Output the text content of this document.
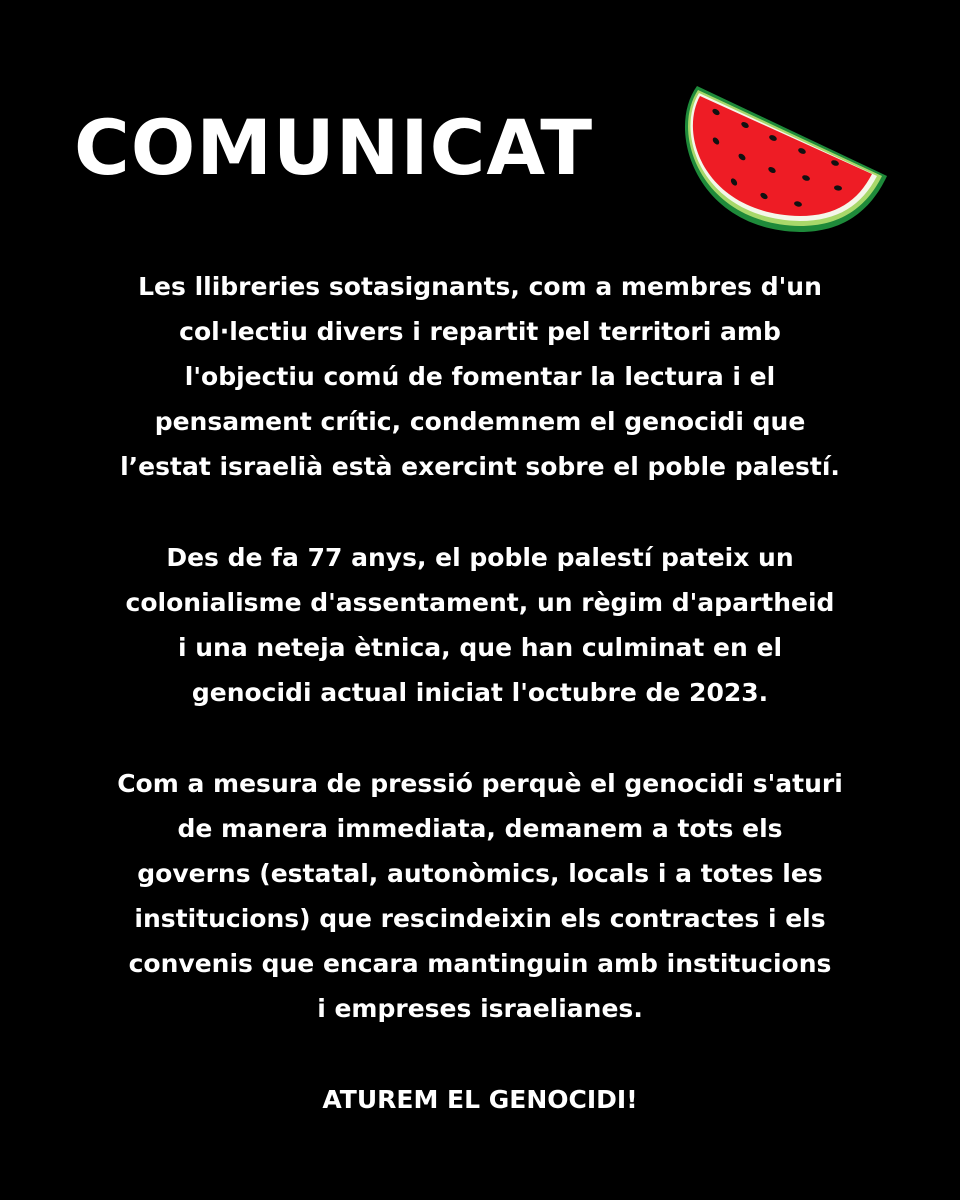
COMUNICAT

Les llibreries sotasignants, com a membres d'un
col·lectiu divers i repartit pel territori amb
l'objectiu comú de fomentar la lectura i el
pensament crític, condemnem el genocidi que
l’estat israelià està exercint sobre el poble palestí.

Des de fa 77 anys, el poble palestí pateix un
colonialisme d'assentament, un règim d'apartheid
i una neteja ètnica, que han culminat en el
genocidi actual iniciat l'octubre de 2023.

Com a mesura de pressió perquè el genocidi s'aturi
de manera immediata, demanem a tots els
governs (estatal, autonòmics, locals i a totes les
institucions) que rescindeixin els contractes i els
convenis que encara mantinguin amb institucions
i empreses israelianes.

ATUREM EL GENOCIDI!
